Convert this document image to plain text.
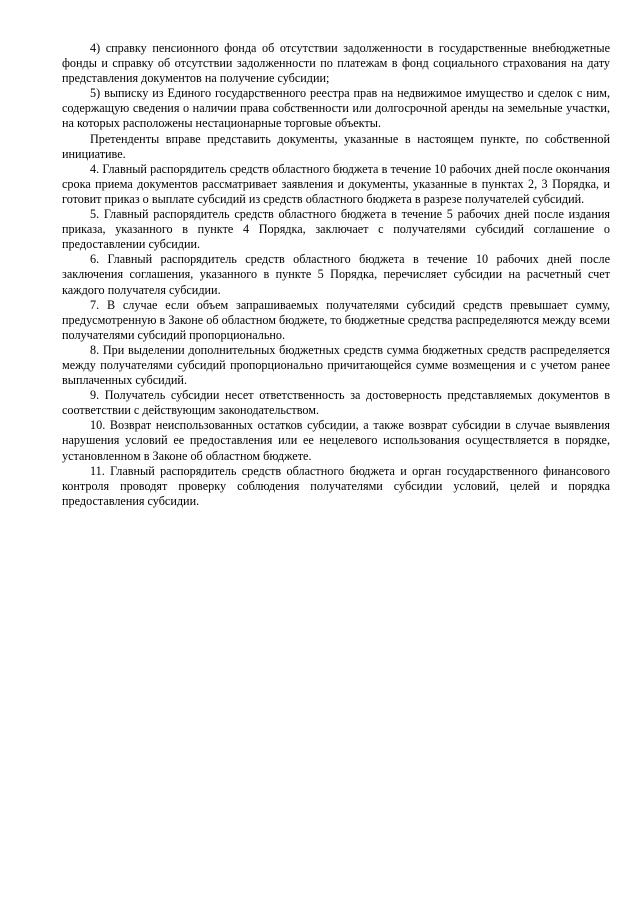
4) справку пенсионного фонда об отсутствии задолженности в государственные внебюджетные фонды и справку об отсутствии задолженности по платежам в фонд социального страхования на дату представления документов на получение субсидии;

5) выписку из Единого государственного реестра прав на недвижимое имущество и сделок с ним, содержащую сведения о наличии права собственности или долгосрочной аренды на земельные участки, на которых расположены нестационарные торговые объекты.

Претенденты вправе представить документы, указанные в настоящем пункте, по собственной инициативе.

4. Главный распорядитель средств областного бюджета в течение 10 рабочих дней после окончания срока приема документов рассматривает заявления и документы, указанные в пунктах 2, 3 Порядка, и готовит приказ о выплате субсидий из средств областного бюджета в разрезе получателей субсидий.

5. Главный распорядитель средств областного бюджета в течение 5 рабочих дней после издания приказа, указанного в пункте 4 Порядка, заключает с получателями субсидий соглашение о предоставлении субсидии.

6. Главный распорядитель средств областного бюджета в течение 10 рабочих дней после заключения соглашения, указанного в пункте 5 Порядка, перечисляет субсидии на расчетный счет каждого получателя субсидии.

7. В случае если объем запрашиваемых получателями субсидий средств превышает сумму, предусмотренную в Законе об областном бюджете, то бюджетные средства распределяются между всеми получателями субсидий пропорционально.

8. При выделении дополнительных бюджетных средств сумма бюджетных средств распределяется между получателями субсидий пропорционально причитающейся сумме возмещения и с учетом ранее выплаченных субсидий.

9. Получатель субсидии несет ответственность за достоверность представляемых документов в соответствии с действующим законодательством.

10. Возврат неиспользованных остатков субсидии, а также возврат субсидии в случае выявления нарушения условий ее предоставления или ее нецелевого использования осуществляется в порядке, установленном в Законе об областном бюджете.

11. Главный распорядитель средств областного бюджета и орган государственного финансового контроля проводят проверку соблюдения получателями субсидии условий, целей и порядка предоставления субсидии.
